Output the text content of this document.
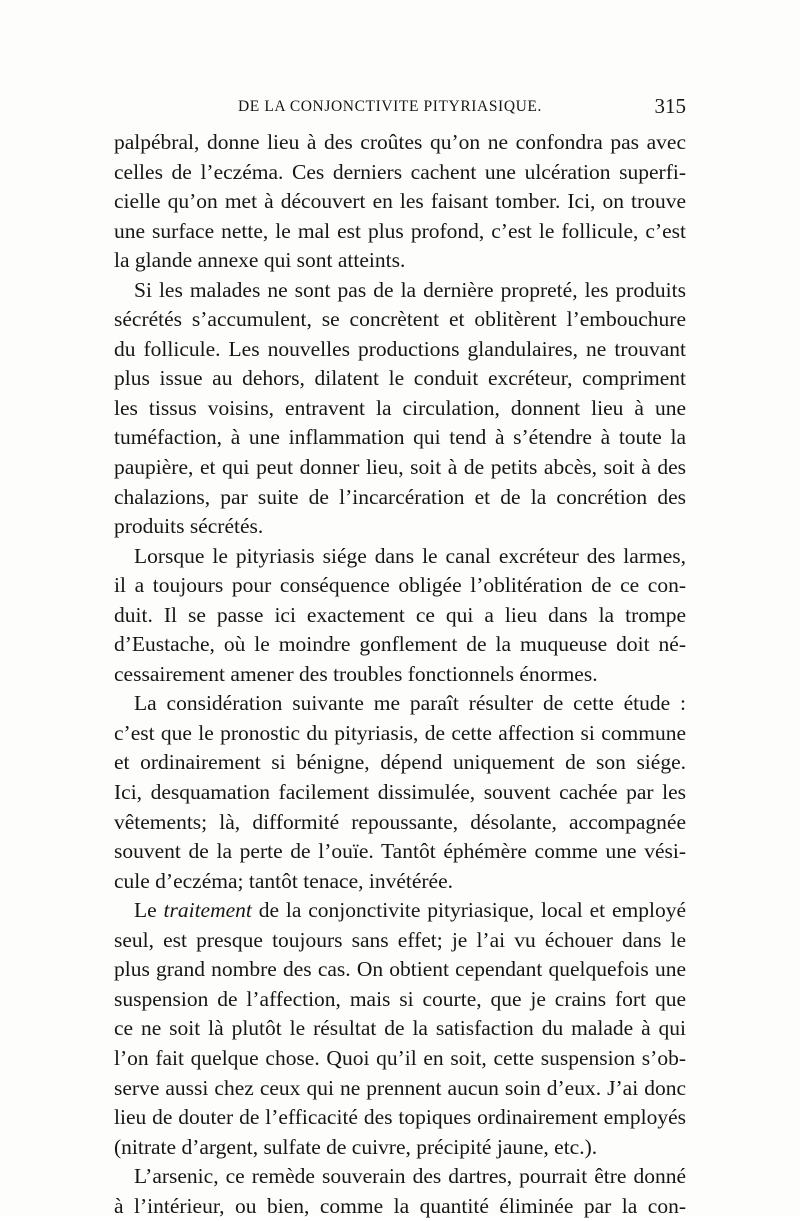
DE LA CONJONCTIVITE PITYRIASIQUE.	315
palpébral, donne lieu à des croûtes qu’on ne confondra pas avec
celles de l’eczéma. Ces derniers cachent une ulcération superfi-
cielle qu’on met à découvert en les faisant tomber. Ici, on trouve
une surface nette, le mal est plus profond, c’est le follicule, c’est
la glande annexe qui sont atteints.
Si les malades ne sont pas de la dernière propreté, les produits
sécrétés s’accumulent, se concrètent et oblitèrent l’embouchure
du follicule. Les nouvelles productions glandulaires, ne trouvant
plus issue au dehors, dilatent le conduit excréteur, compriment
les tissus voisins, entravent la circulation, donnent lieu à une
tuméfaction, à une inflammation qui tend à s’étendre à toute la
paupière, et qui peut donner lieu, soit à de petits abcès, soit à des
chalazions, par suite de l’incarcération et de la concrétion des
produits sécrétés.
Lorsque le pityriasis siége dans le canal excréteur des larmes,
il a toujours pour conséquence obligée l’oblitération de ce con-
duit. Il se passe ici exactement ce qui a lieu dans la trompe
d’Eustache, où le moindre gonflement de la muqueuse doit né-
cessairement amener des troubles fonctionnels énormes.
La considération suivante me paraît résulter de cette étude :
c’est que le pronostic du pityriasis, de cette affection si commune
et ordinairement si bénigne, dépend uniquement de son siége.
Ici, desquamation facilement dissimulée, souvent cachée par les
vêtements; là, difformité repoussante, désolante, accompagnée
souvent de la perte de l’ouïe. Tantôt éphémère comme une vési-
cule d’eczéma; tantôt tenace, invétérée.
Le traitement de la conjonctivite pityriasique, local et employé
seul, est presque toujours sans effet; je l’ai vu échouer dans le
plus grand nombre des cas. On obtient cependant quelquefois une
suspension de l’affection, mais si courte, que je crains fort que
ce ne soit là plutôt le résultat de la satisfaction du malade à qui
l’on fait quelque chose. Quoi qu’il en soit, cette suspension s’ob-
serve aussi chez ceux qui ne prennent aucun soin d’eux. J’ai donc
lieu de douter de l’efficacité des topiques ordinairement employés
(nitrate d’argent, sulfate de cuivre, précipité jaune, etc.).
L’arsenic, ce remède souverain des dartres, pourrait être donné
à l’intérieur, ou bien, comme la quantité éliminée par la con-
